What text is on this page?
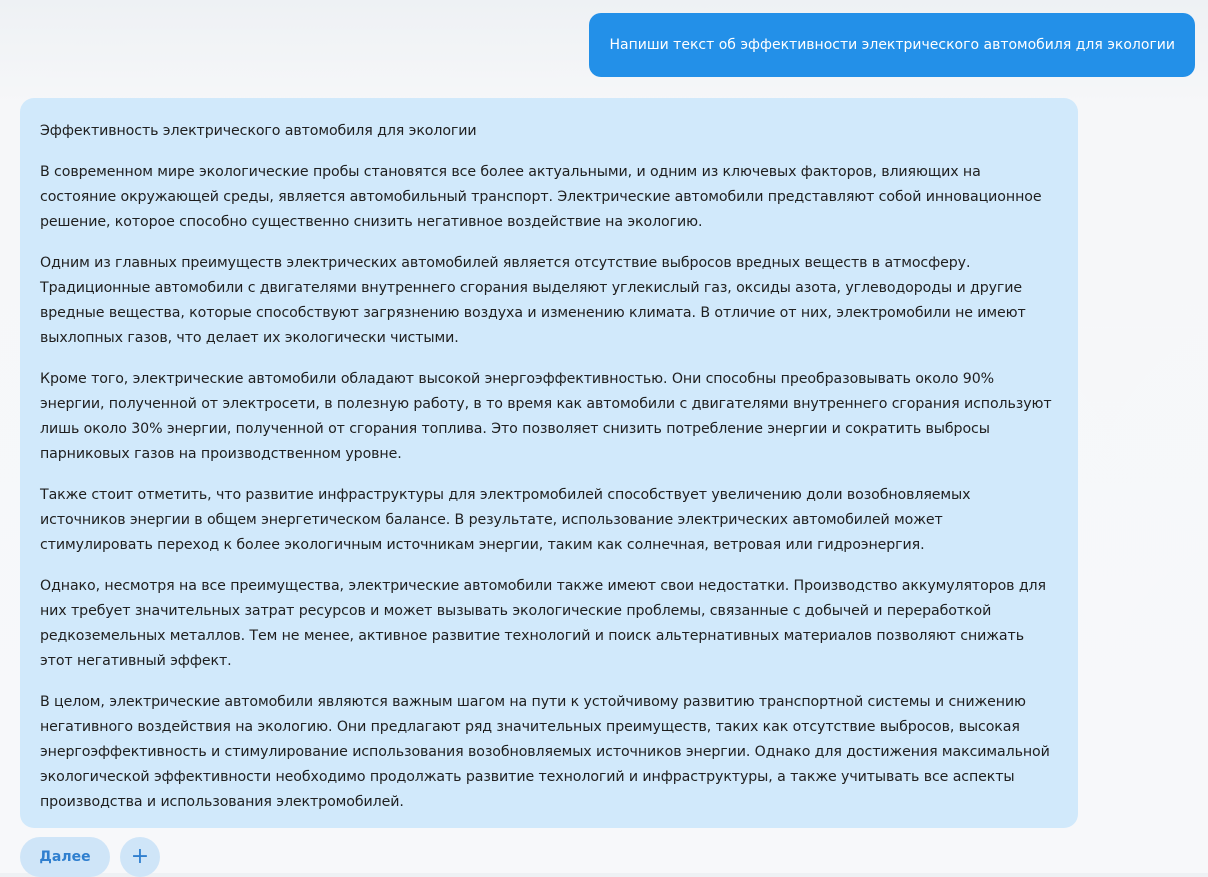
Напиши текст об эффективности электрического автомобиля для экологии

Эффективность электрического автомобиля для экологии

В современном мире экологические пробы становятся все более актуальными, и одним из ключевых факторов, влияющих на состояние окружающей среды, является автомобильный транспорт. Электрические автомобили представляют собой инновационное решение, которое способно существенно снизить негативное воздействие на экологию.

Одним из главных преимуществ электрических автомобилей является отсутствие выбросов вредных веществ в атмосферу. Традиционные автомобили с двигателями внутреннего сгорания выделяют углекислый газ, оксиды азота, углеводороды и другие вредные вещества, которые способствуют загрязнению воздуха и изменению климата. В отличие от них, электромобили не имеют выхлопных газов, что делает их экологически чистыми.

Кроме того, электрические автомобили обладают высокой энергоэффективностью. Они способны преобразовывать около 90% энергии, полученной от электросети, в полезную работу, в то время как автомобили с двигателями внутреннего сгорания используют лишь около 30% энергии, полученной от сгорания топлива. Это позволяет снизить потребление энергии и сократить выбросы парниковых газов на производственном уровне.

Также стоит отметить, что развитие инфраструктуры для электромобилей способствует увеличению доли возобновляемых источников энергии в общем энергетическом балансе. В результате, использование электрических автомобилей может стимулировать переход к более экологичным источникам энергии, таким как солнечная, ветровая или гидроэнергия.

Однако, несмотря на все преимущества, электрические автомобили также имеют свои недостатки. Производство аккумуляторов для них требует значительных затрат ресурсов и может вызывать экологические проблемы, связанные с добычей и переработкой редкоземельных металлов. Тем не менее, активное развитие технологий и поиск альтернативных материалов позволяют снижать этот негативный эффект.

В целом, электрические автомобили являются важным шагом на пути к устойчивому развитию транспортной системы и снижению негативного воздействия на экологию. Они предлагают ряд значительных преимуществ, таких как отсутствие выбросов, высокая энергоэффективность и стимулирование использования возобновляемых источников энергии. Однако для достижения максимальной экологической эффективности необходимо продолжать развитие технологий и инфраструктуры, а также учитывать все аспекты производства и использования электромобилей.

Далее	+
